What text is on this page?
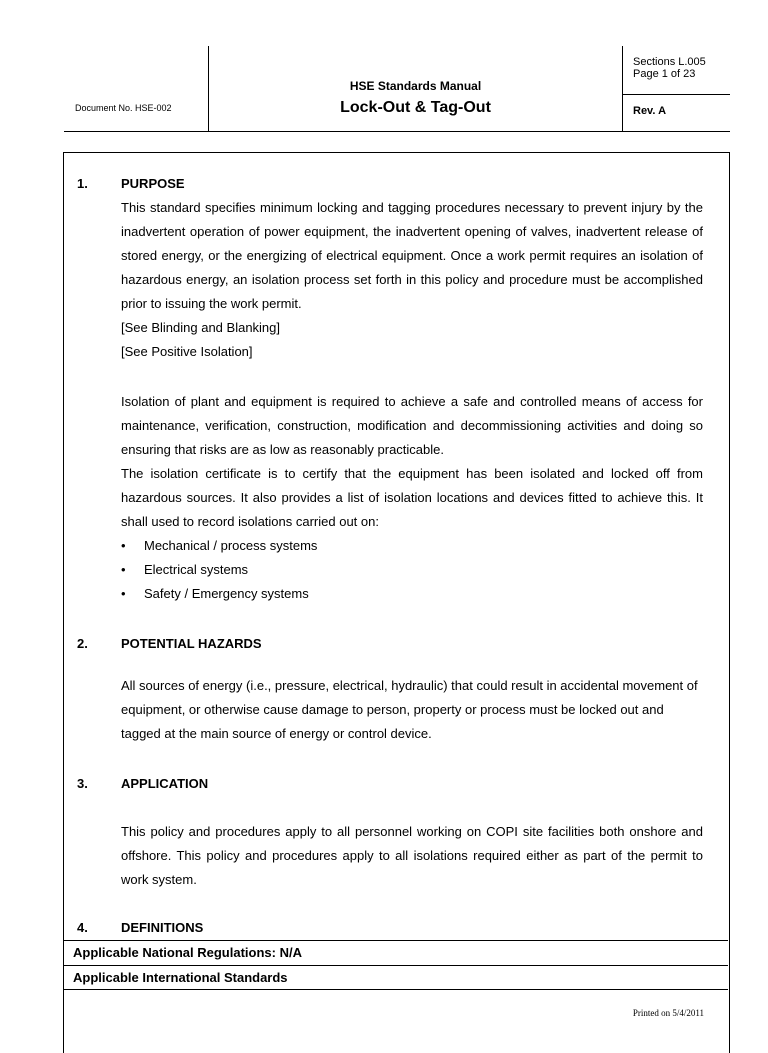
Document No. HSE-002
HSE Standards Manual
Lock-Out & Tag-Out
Sections L.005
Page 1 of 23
Rev. A
1.	PURPOSE
This standard specifies minimum locking and tagging procedures necessary to prevent injury by the inadvertent operation of power equipment, the inadvertent opening of valves, inadvertent release of stored energy, or the energizing of electrical equipment. Once a work permit requires an isolation of hazardous energy, an isolation process set forth in this policy and procedure must be accomplished prior to issuing the work permit.
[See Blinding and Blanking]
[See Positive Isolation]
Isolation of plant and equipment is required to achieve a safe and controlled means of access for maintenance, verification, construction, modification and decommissioning activities and doing so ensuring that risks are as low as reasonably practicable.
The isolation certificate is to certify that the equipment has been isolated and locked off from hazardous sources. It also provides a list of isolation locations and devices fitted to achieve this. It shall used to record isolations carried out on:
• Mechanical / process systems
• Electrical systems
• Safety / Emergency systems
2.	POTENTIAL HAZARDS
All sources of energy (i.e., pressure, electrical, hydraulic) that could result in accidental movement of equipment, or otherwise cause damage to person, property or process must be locked out and tagged at the main source of energy or control device.
3.	APPLICATION
This policy and procedures apply to all personnel working on COPI site facilities both onshore and offshore. This policy and procedures apply to all isolations required either as part of the permit to work system.
4.	DEFINITIONS
Applicable National Regulations: N/A
Applicable International Standards
Printed on 5/4/2011
